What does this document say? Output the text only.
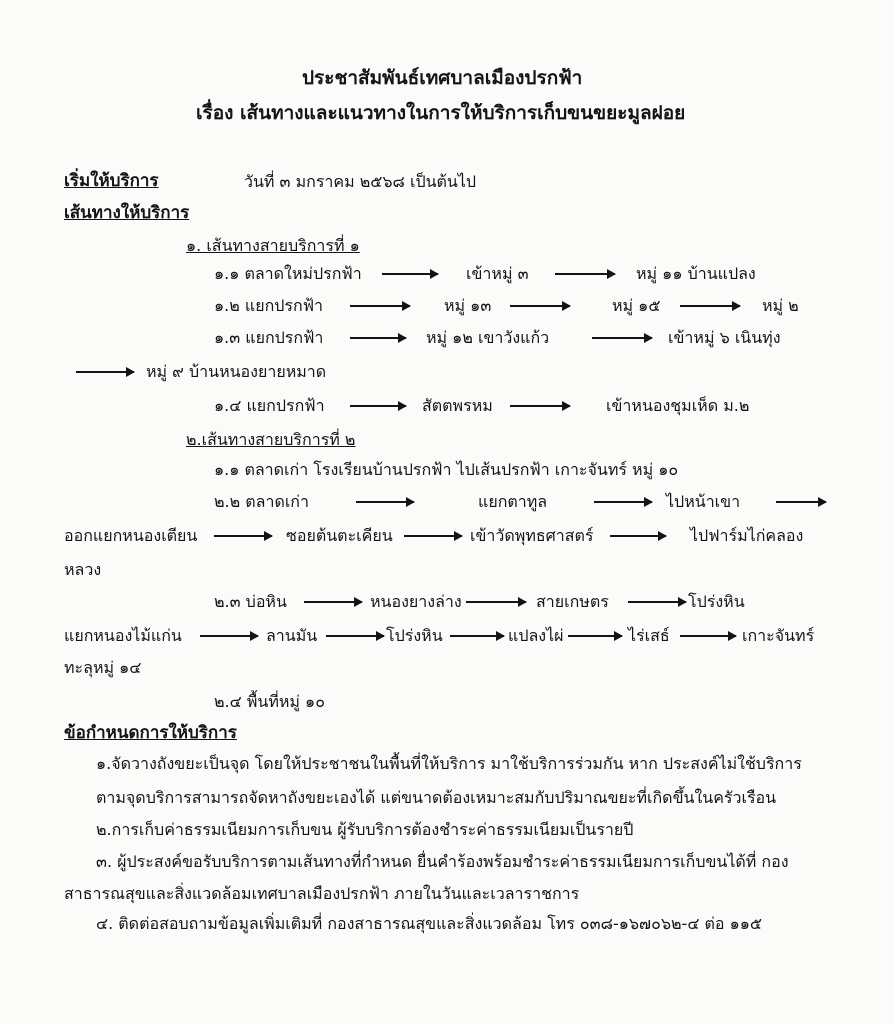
ประชาสัมพันธ์เทศบาลเมืองปรกฟ้า
เรื่อง เส้นทางและแนวทางในการให้บริการเก็บขนขยะมูลฝอย
เริ่มให้บริการ	วันที่ ๓ มกราคม ๒๕๖๘ เป็นต้นไป
เส้นทางให้บริการ
๑. เส้นทางสายบริการที่ ๑
๑.๑ ตลาดใหม่ปรกฟ้า	เข้าหมู่ ๓	หมู่ ๑๑ บ้านแปลง
๑.๒ แยกปรกฟ้า	หมู่ ๑๓	หมู่ ๑๕	หมู่ ๒
๑.๓ แยกปรกฟ้า	หมู่ ๑๒ เขาวังแก้ว	เข้าหมู่ ๖ เนินทุ่ง
หมู่ ๙ บ้านหนองยายหมาด
๑.๔ แยกปรกฟ้า	สัตตพรหม	เข้าหนองชุมเห็ด ม.๒
๒.เส้นทางสายบริการที่ ๒
๑.๑ ตลาดเก่า โรงเรียนบ้านปรกฟ้า ไปเส้นปรกฟ้า เกาะจันทร์ หมู่ ๑๐
๒.๒ ตลาดเก่า	แยกตาทูล	ไปหน้าเขา
ออกแยกหนองเตียน	ซอยต้นตะเคียน	เข้าวัดพุทธศาสตร์	ไปฟาร์มไก่คลอง
หลวง
๒.๓ บ่อหิน	หนองยางล่าง	สายเกษตร	โปร่งหิน
แยกหนองไม้แก่น	ลานมัน	โปร่งหิน	แปลงไผ่	ไร่เสธ์	เกาะจันทร์
ทะลุหมู่ ๑๔
๒.๔ พื้นที่หมู่ ๑๐
ข้อกำหนดการให้บริการ
๑.จัดวางถังขยะเป็นจุด โดยให้ประชาชนในพื้นที่ให้บริการ มาใช้บริการร่วมกัน หาก ประสงค์ไม่ใช้บริการ
ตามจุดบริการสามารถจัดหาถังขยะเองได้ แต่ขนาดต้องเหมาะสมกับปริมาณขยะที่เกิดขึ้นในครัวเรือน
๒.การเก็บค่าธรรมเนียมการเก็บขน ผู้รับบริการต้องชำระค่าธรรมเนียมเป็นรายปี
๓. ผู้ประสงค์ขอรับบริการตามเส้นทางที่กำหนด ยื่นคำร้องพร้อมชำระค่าธรรมเนียมการเก็บขนได้ที่ กอง
สาธารณสุขและสิ่งแวดล้อมเทศบาลเมืองปรกฟ้า ภายในวันและเวลาราชการ
๔. ติดต่อสอบถามข้อมูลเพิ่มเติมที่ กองสาธารณสุขและสิ่งแวดล้อม โทร ๐๓๘-๑๖๗๐๖๒-๔ ต่อ ๑๑๕
